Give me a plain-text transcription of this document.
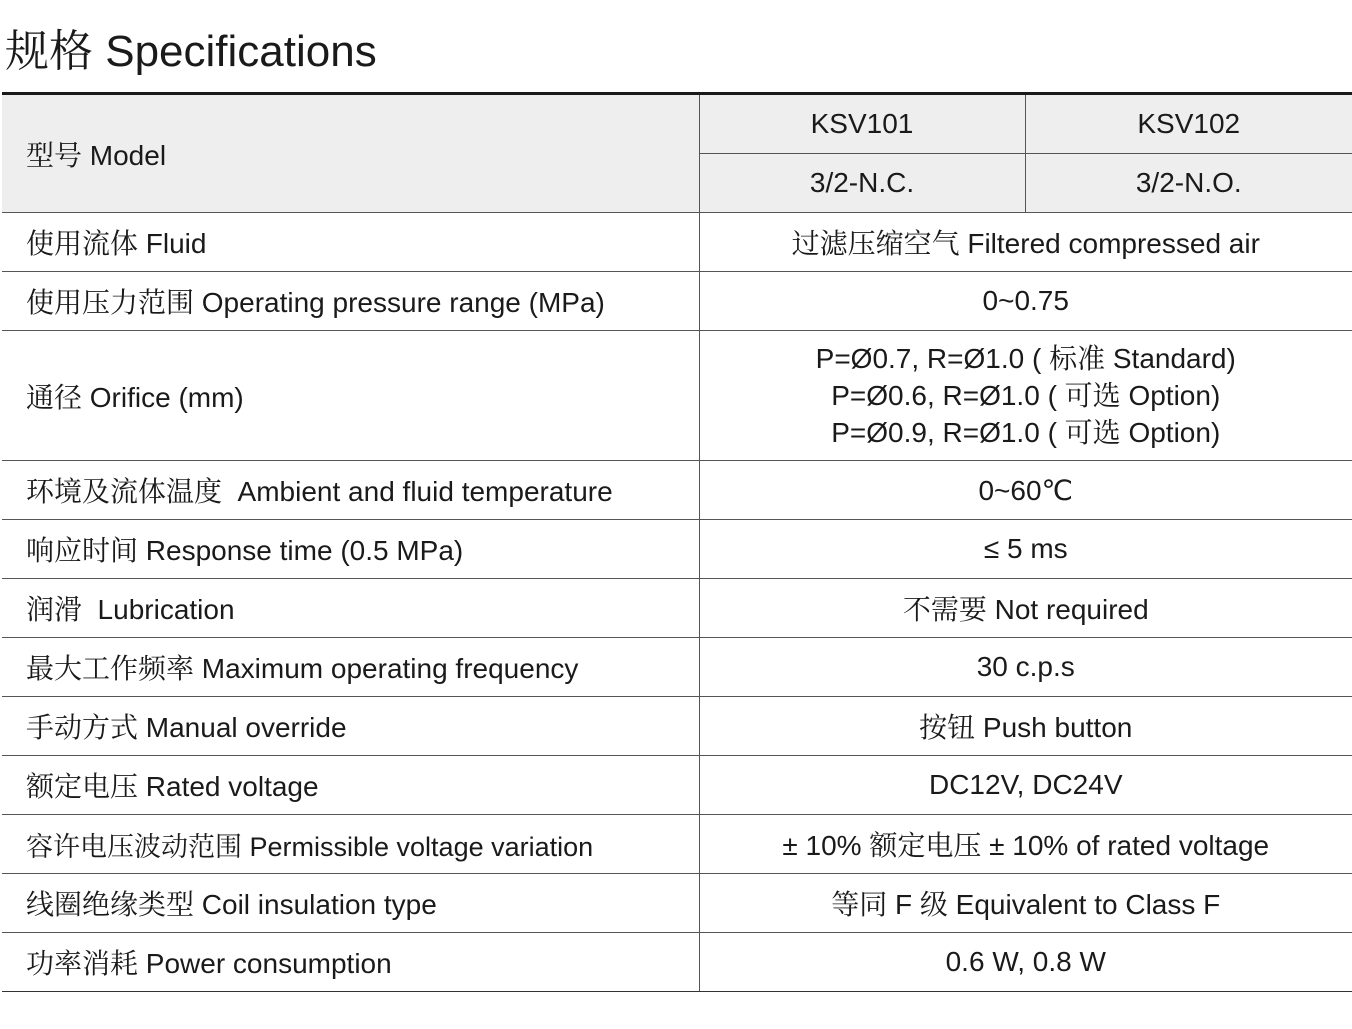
规格 Specifications
型号 Model	KSV101	KSV102
	3/2-N.C.	3/2-N.O.
使用流体 Fluid	过滤压缩空气 Filtered compressed air	
使用压力范围 Operating pressure range (MPa)	0~0.75	
通径 Orifice (mm)	P=Ø0.7, R=Ø1.0 ( 标准 Standard)
P=Ø0.6, R=Ø1.0 ( 可选 Option)
P=Ø0.9, R=Ø1.0 ( 可选 Option)	

环境及流体温度  Ambient and fluid temperature	0~60℃	
响应时间 Response time (0.5 MPa)	≤ 5 ms	
润滑  Lubrication	不需要 Not required	
最大工作频率 Maximum operating frequency	30 c.p.s	
手动方式 Manual override	按钮 Push button	
额定电压 Rated voltage	DC12V, DC24V	
容许电压波动范围 Permissible voltage variation	± 10% 额定电压 ± 10% of rated voltage	
线圈绝缘类型 Coil insulation type	等同 F 级 Equivalent to Class F	
功率消耗 Power consumption	0.6 W, 0.8 W	
